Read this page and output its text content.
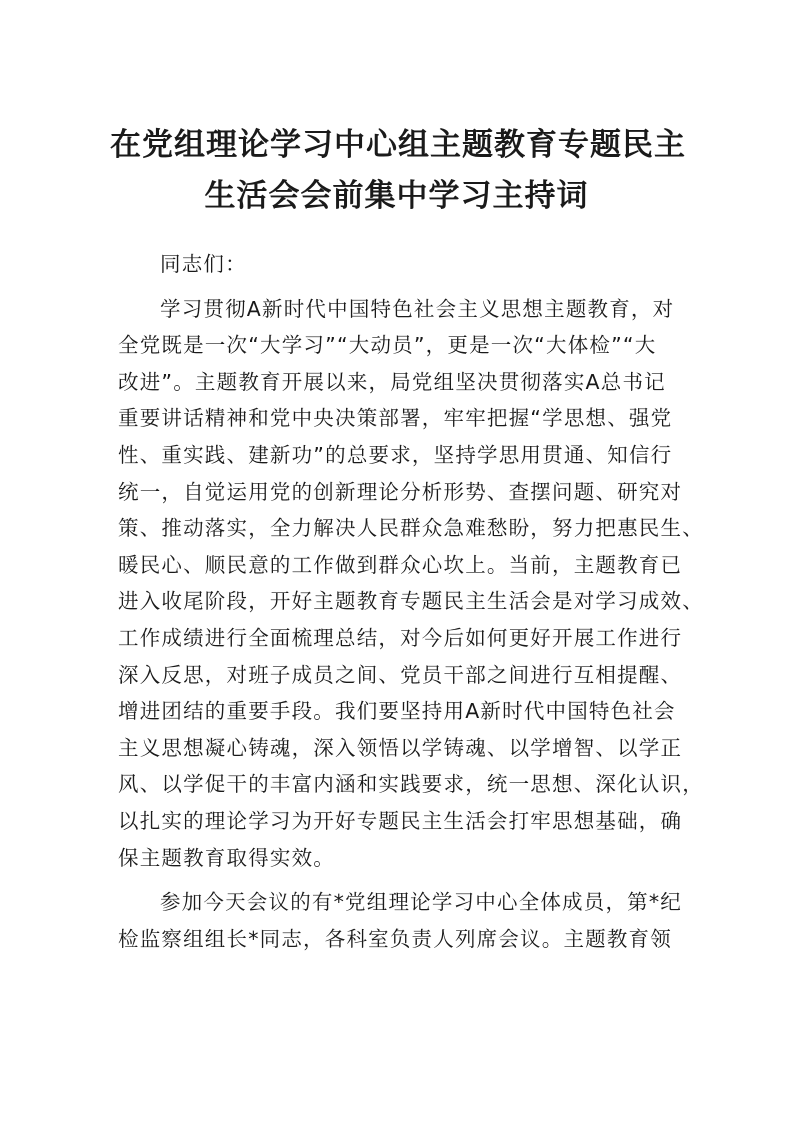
在党组理论学习中心组主题教育专题民主
生活会会前集中学习主持词
同志们：
学习贯彻A新时代中国特色社会主义思想主题教育，对
全党既是一次“大学习”“大动员”，更是一次“大体检”“大
改进”。主题教育开展以来，局党组坚决贯彻落实A总书记
重要讲话精神和党中央决策部署，牢牢把握“学思想、强党
性、重实践、建新功”的总要求，坚持学思用贯通、知信行
统一，自觉运用党的创新理论分析形势、查摆问题、研究对
策、推动落实，全力解决人民群众急难愁盼，努力把惠民生、
暖民心、顺民意的工作做到群众心坎上。当前，主题教育已
进入收尾阶段，开好主题教育专题民主生活会是对学习成效、
工作成绩进行全面梳理总结，对今后如何更好开展工作进行
深入反思，对班子成员之间、党员干部之间进行互相提醒、
增进团结的重要手段。我们要坚持用A新时代中国特色社会
主义思想凝心铸魂，深入领悟以学铸魂、以学增智、以学正
风、以学促干的丰富内涵和实践要求，统一思想、深化认识，
以扎实的理论学习为开好专题民主生活会打牢思想基础，确
保主题教育取得实效。
参加今天会议的有*党组理论学习中心全体成员，第*纪
检监察组组长*同志，各科室负责人列席会议。主题教育领
